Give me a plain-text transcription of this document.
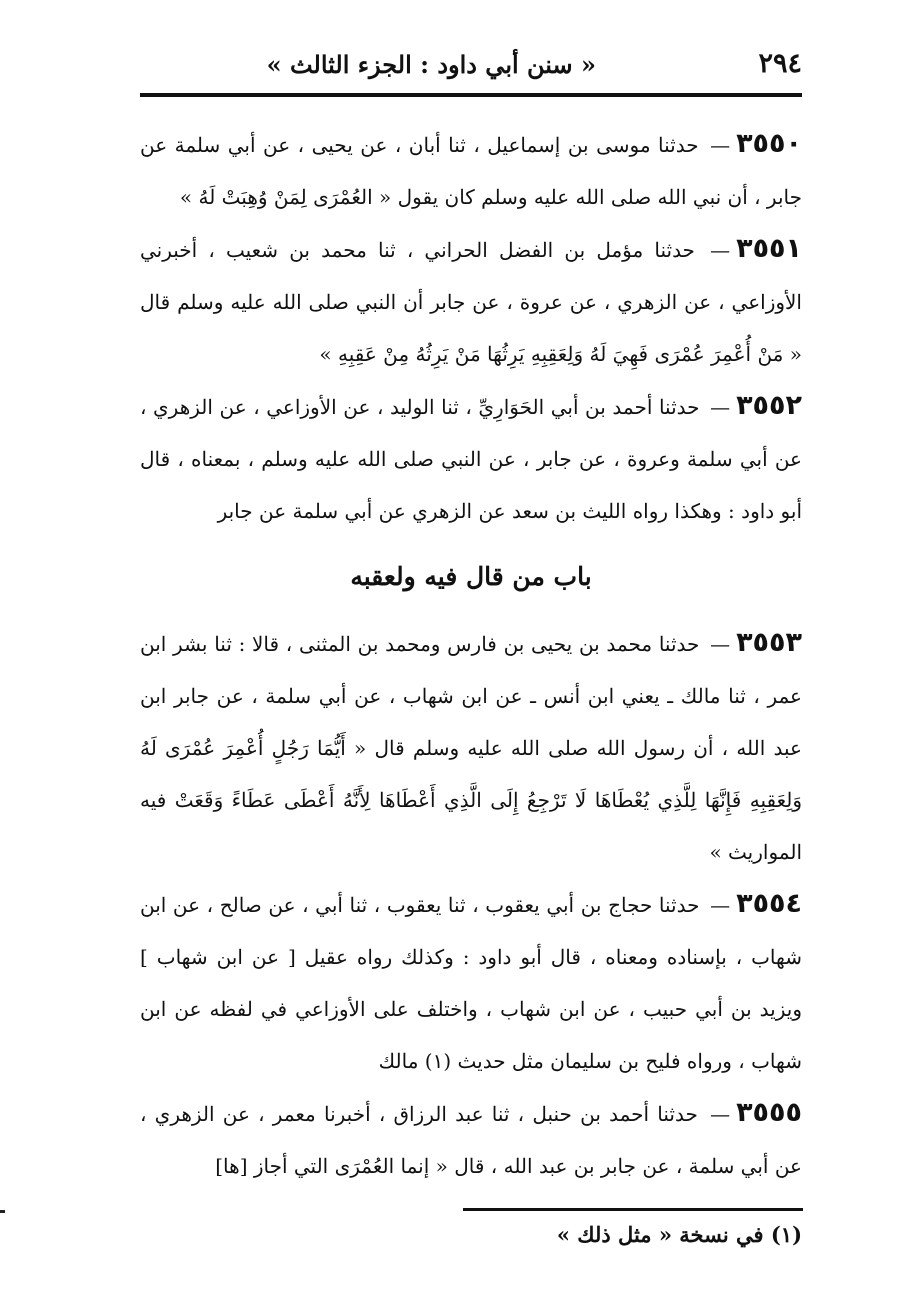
٢٩٤
« سنن أبي داود : الجزء الثالث »

٣٥٥٠— حدثنا موسى بن إسماعيل ، ثنا أبان ، عن يحيى ، عن أبي سلمة عن جابر ، أن نبي الله صلى الله عليه وسلم كان يقول « العُمْرَى لِمَنْ وُهِبَتْ لَهُ »

٣٥٥١— حدثنا مؤمل بن الفضل الحراني ، ثنا محمد بن شعيب ، أخبرني الأوزاعي ، عن الزهري ، عن عروة ، عن جابر أن النبي صلى الله عليه وسلم قال « مَنْ أُعْمِرَ عُمْرَى فَهِيَ لَهُ وَلِعَقِبِهِ يَرِثُهَا مَنْ يَرِثُهُ مِنْ عَقِبِهِ »

٣٥٥٢— حدثنا أحمد بن أبي الحَوَارِيِّ ، ثنا الوليد ، عن الأوزاعي ، عن الزهري ، عن أبي سلمة وعروة ، عن جابر ، عن النبي صلى الله عليه وسلم ، بمعناه ، قال أبو داود : وهكذا رواه الليث بن سعد عن الزهري عن أبي سلمة عن جابر

باب من قال فيه ولعقبه

٣٥٥٣— حدثنا محمد بن يحيى بن فارس ومحمد بن المثنى ، قالا : ثنا بشر ابن عمر ، ثنا مالك ـ يعني ابن أنس ـ عن ابن شهاب ، عن أبي سلمة ، عن جابر ابن عبد الله ، أن رسول الله صلى الله عليه وسلم قال « أَيُّمَا رَجُلٍ أُعْمِرَ عُمْرَى لَهُ وَلِعَقِبِهِ فَإِنَّهَا لِلَّذِي يُعْطَاهَا لَا تَرْجِعُ إِلَى الَّذِي أَعْطَاهَا لِأَنَّهُ أَعْطَى عَطَاءً وَقَعَتْ فيه المواريث »

٣٥٥٤— حدثنا حجاج بن أبي يعقوب ، ثنا يعقوب ، ثنا أبي ، عن صالح ، عن ابن شهاب ، بإسناده ومعناه ، قال أبو داود : وكذلك رواه عقيل [ عن ابن شهاب ] ويزيد بن أبي حبيب ، عن ابن شهاب ، واختلف على الأوزاعي في لفظه عن ابن شهاب ، ورواه فليح بن سليمان مثل حديث (١) مالك

٣٥٥٥— حدثنا أحمد بن حنبل ، ثنا عبد الرزاق ، أخبرنا معمر ، عن الزهري ، عن أبي سلمة ، عن جابر بن عبد الله ، قال « إنما العُمْرَى التي أجاز [ها]

(١) في نسخة « مثل ذلك »
